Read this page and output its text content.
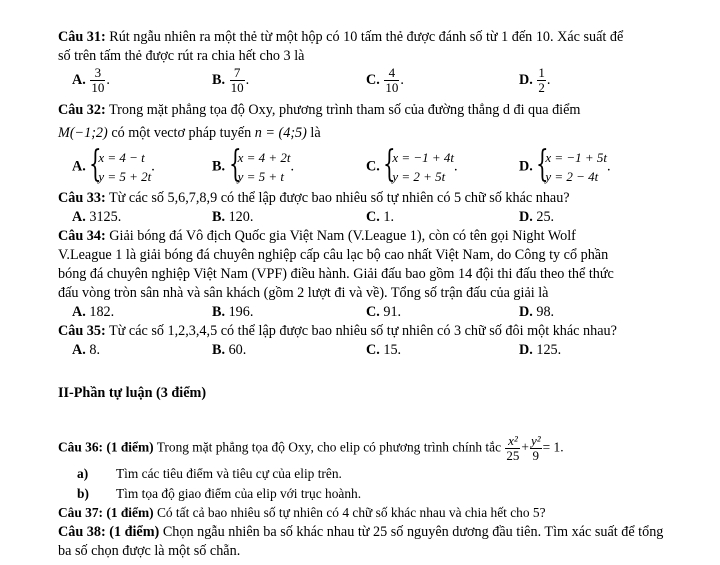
Câu 31: Rút ngẫu nhiên ra một thẻ từ một hộp có 10 tấm thẻ được đánh số từ 1 đến 10. Xác suất để
số trên tấm thẻ được rút ra chia hết cho 3 là
A. $\frac{3}{10}$ .	B. $\frac{7}{10}$ .	C. $\frac{4}{10}$ .	D. $\frac{1}{2}$ .
Câu 32: Trong mặt phẳng tọa độ Oxy, phương trình tham số của đường thẳng d đi qua điểm
M(−1;2) có một vectơ pháp tuyến n = (4;5) là
A. {
x = 4 − t
y = 5 + 2t
.	B. {
x = 4 + 2t
y = 5 + t
.	C. {
x = −1 + 4t
y = 2 + 5t
.	D. {
x = −1 + 5t
y = 2 − 4t
.
Câu 33: Từ các số 5,6,7,8,9 có thể lập được bao nhiêu số tự nhiên có 5 chữ số khác nhau?
A. 3125.	B. 120.	C. 1.	D. 25.
Câu 34: Giải bóng đá Vô địch Quốc gia Việt Nam (V.League 1), còn có tên gọi Night Wolf
V.League 1 là giải bóng đá chuyên nghiệp cấp câu lạc bộ cao nhất Việt Nam, do Công ty cổ phần
bóng đá chuyên nghiệp Việt Nam (VPF) điều hành. Giải đấu bao gồm 14 đội thi đấu theo thể thức
đấu vòng tròn sân nhà và sân khách (gồm 2 lượt đi và về). Tổng số trận đấu của giải là
A. 182.	B. 196.	C. 91.	D. 98.
Câu 35: Từ các số 1,2,3,4,5 có thể lập được bao nhiêu số tự nhiên có 3 chữ số đôi một khác nhau?
A. 8.	B. 60.	C. 15.	D. 125.
II-Phần tự luận (3 điểm)
Câu 36: (1 điểm) Trong mặt phẳng tọa độ Oxy, cho elip có phương trình chính tắc $\frac{\text{x²}}{25} + \frac{\text{y²}}{9} = 1$.
a) Tìm các tiêu điểm và tiêu cự của elip trên.
b) Tìm tọa độ giao điểm của elip với trục hoành.
Câu 37: (1 điểm) Có tất cả bao nhiêu số tự nhiên có 4 chữ số khác nhau và chia hết cho 5?
Câu 38: (1 điểm) Chọn ngẫu nhiên ba số khác nhau từ 25 số nguyên dương đầu tiên. Tìm xác suất để tổng
ba số chọn được là một số chẵn.
